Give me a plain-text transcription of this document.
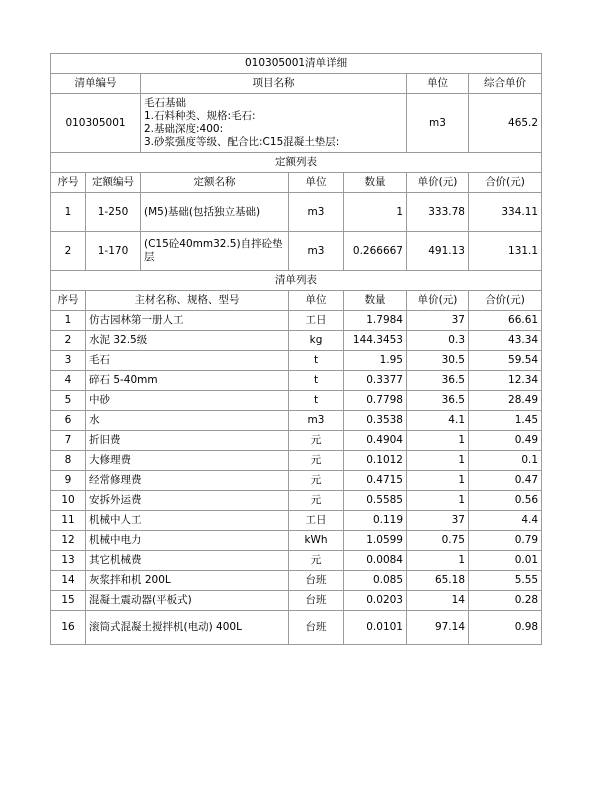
010305001清单详细						
清单编号		项目名称			单位	综合单价
010305001		毛石基础
1.石料种类、规格:毛石:
2.基础深度:400:
3.砂浆强度等级、配合比:C15混凝土垫层:			m3	465.2
定额列表						
序号	定额编号	定额名称	单位	数量	单价(元)	合价(元)
1	1-250	(M5)基础(包括独立基础)	m3	1	333.78	334.11
2	1-170	(C15砼40mm32.5)自拌砼垫层	m3	0.266667	491.13	131.1
清单列表						
序号	主材名称、规格、型号		单位	数量	单价(元)	合价(元)
1	仿古园林第一册人工		工日	1.7984	37	66.61
2	水泥 32.5级		kg	144.3453	0.3	43.34
3	毛石		t	1.95	30.5	59.54
4	碎石 5-40mm		t	0.3377	36.5	12.34
5	中砂		t	0.7798	36.5	28.49
6	水		m3	0.3538	4.1	1.45
7	折旧费		元	0.4904	1	0.49
8	大修理费		元	0.1012	1	0.1
9	经常修理费		元	0.4715	1	0.47
10	安拆外运费		元	0.5585	1	0.56
11	机械中人工		工日	0.119	37	4.4
12	机械中电力		kWh	1.0599	0.75	0.79
13	其它机械费		元	0.0084	1	0.01
14	灰浆拌和机 200L		台班	0.085	65.18	5.55
15	混凝土震动器(平板式)		台班	0.0203	14	0.28
16	滚筒式混凝土搅拌机(电动) 400L		台班	0.0101	97.14	0.98
